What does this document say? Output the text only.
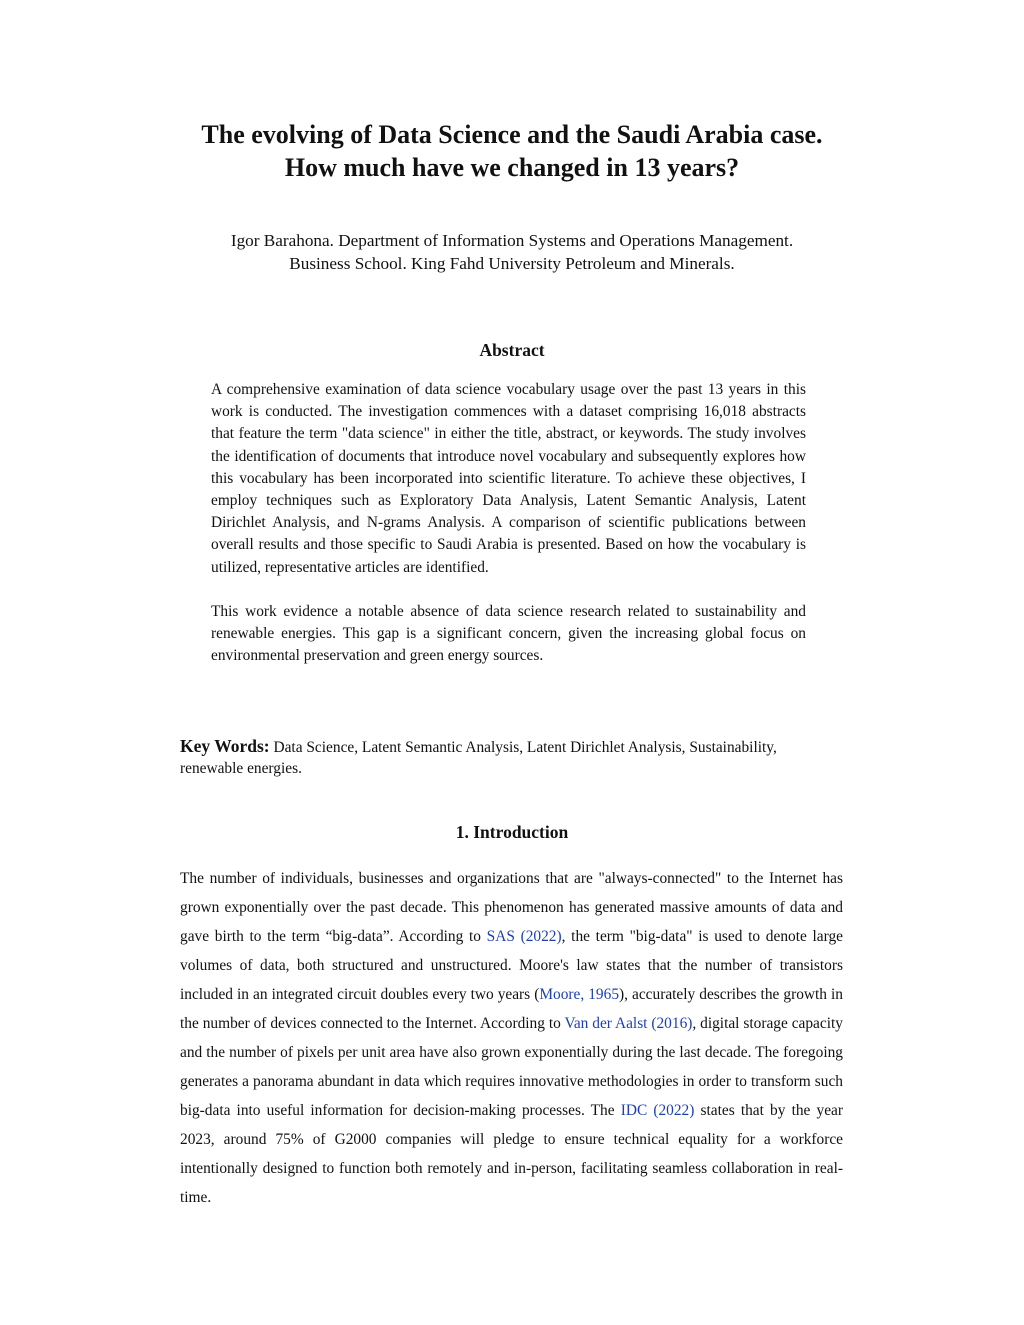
The evolving of Data Science and the Saudi Arabia case.
How much have we changed in 13 years?
Igor Barahona. Department of Information Systems and Operations Management.
Business School. King Fahd University Petroleum and Minerals.
Abstract

A comprehensive examination of data science vocabulary usage over the past 13 years in this work is conducted. The investigation commences with a dataset comprising 16,018 abstracts that feature the term "data science" in either the title, abstract, or keywords. The study involves the identification of documents that introduce novel vocabulary and subsequently explores how this vocabulary has been incorporated into scientific literature. To achieve these objectives, I employ techniques such as Exploratory Data Analysis, Latent Semantic Analysis, Latent Dirichlet Analysis, and N-grams Analysis. A comparison of scientific publications between overall results and those specific to Saudi Arabia is presented. Based on how the vocabulary is utilized, representative articles are identified.

This work evidence a notable absence of data science research related to sustainability and renewable energies. This gap is a significant concern, given the increasing global focus on environmental preservation and green energy sources.

Key Words: Data Science, Latent Semantic Analysis, Latent Dirichlet Analysis, Sustainability, renewable energies.
1. Introduction

The number of individuals, businesses and organizations that are "always-connected" to the Internet has grown exponentially over the past decade. This phenomenon has generated massive amounts of data and gave birth to the term “big-data”. According to SAS (2022), the term "big-data" is used to denote large volumes of data, both structured and unstructured. Moore's law states that the number of transistors included in an integrated circuit doubles every two years (Moore, 1965), accurately describes the growth in the number of devices connected to the Internet. According to Van der Aalst (2016), digital storage capacity and the number of pixels per unit area have also grown exponentially during the last decade. The foregoing generates a panorama abundant in data which requires innovative methodologies in order to transform such big-data into useful information for decision-making processes. The IDC (2022) states that by the year 2023, around 75% of G2000 companies will pledge to ensure technical equality for a workforce intentionally designed to function both remotely and in-person, facilitating seamless collaboration in real-time.
